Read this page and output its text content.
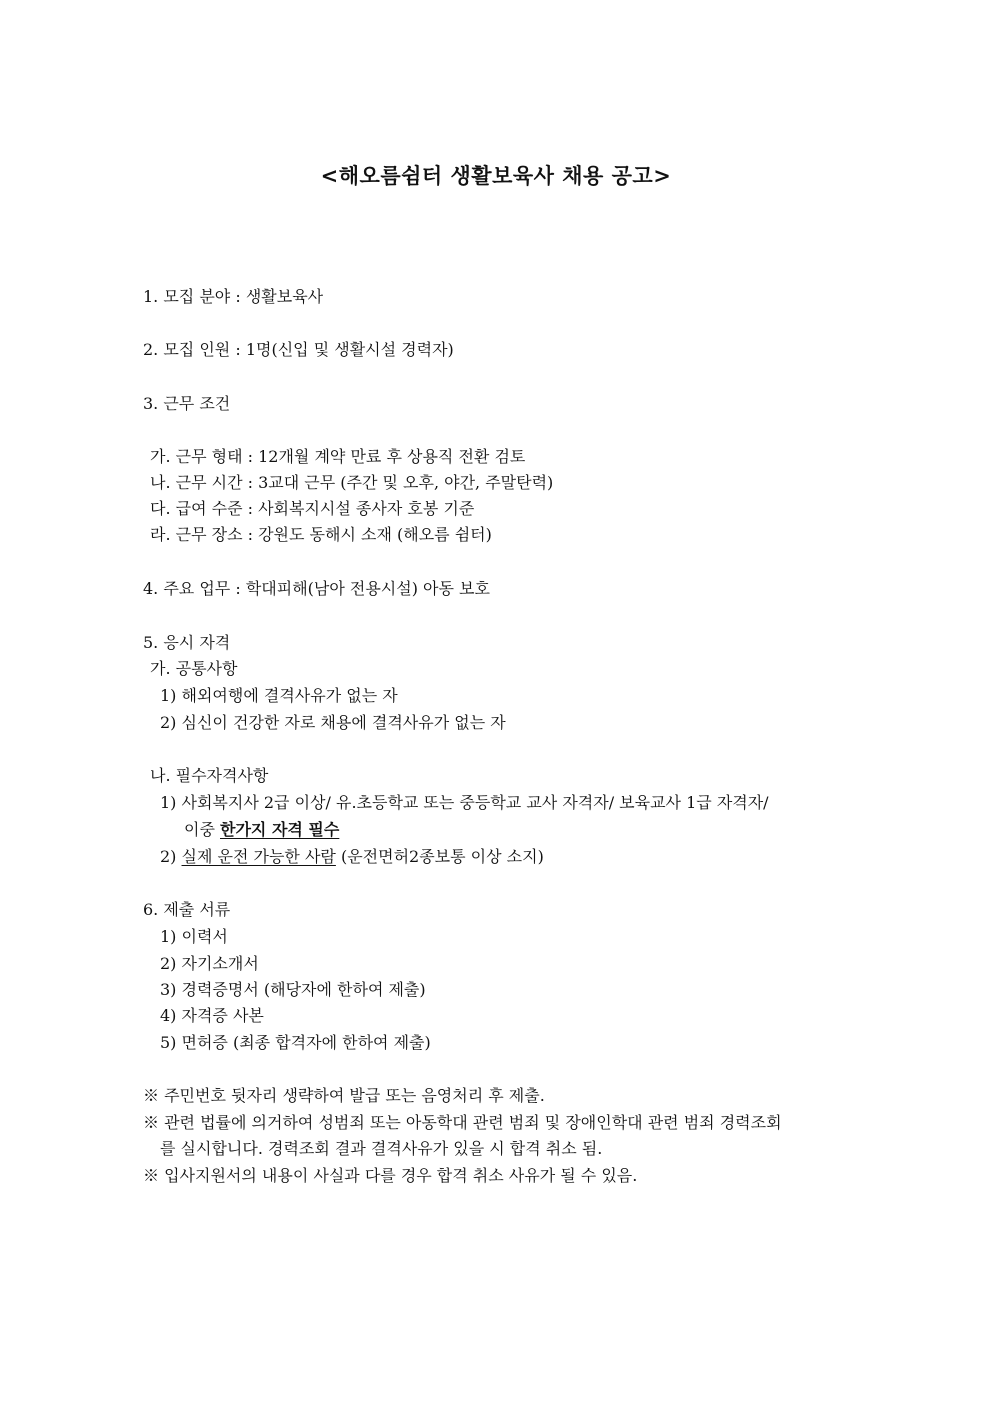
<해오름쉼터 생활보육사 채용 공고>
1. 모집 분야 : 생활보육사
2. 모집 인원 : 1명(신입 및 생활시설 경력자)
3. 근무 조건
가. 근무 형태 : 12개월 계약 만료 후 상용직 전환 검토
나. 근무 시간 : 3교대 근무 (주간 및 오후, 야간, 주말탄력)
다. 급여 수준 : 사회복지시설 종사자 호봉 기준
라. 근무 장소 : 강원도 동해시 소재 (해오름 쉼터)
4. 주요 업무 : 학대피해(남아 전용시설) 아동 보호
5. 응시 자격
가. 공통사항
1) 해외여행에 결격사유가 없는 자
2) 심신이 건강한 자로 채용에 결격사유가 없는 자
나. 필수자격사항
1) 사회복지사 2급 이상/ 유.초등학교 또는 중등학교 교사 자격자/ 보육교사 1급 자격자/
이중 한가지 자격 필수
2) 실제 운전 가능한 사람 (운전면허2종보통 이상 소지)
6. 제출 서류
1) 이력서
2) 자기소개서
3) 경력증명서 (해당자에 한하여 제출)
4) 자격증 사본
5) 면허증 (최종 합격자에 한하여 제출)
※ 주민번호 뒷자리 생략하여 발급 또는 음영처리 후 제출.
※ 관련 법률에 의거하여 성범죄 또는 아동학대 관련 범죄 및 장애인학대 관련 범죄 경력조회
를 실시합니다. 경력조회 결과 결격사유가 있을 시 합격 취소 됨.
※ 입사지원서의 내용이 사실과 다를 경우 합격 취소 사유가 될 수 있음.
